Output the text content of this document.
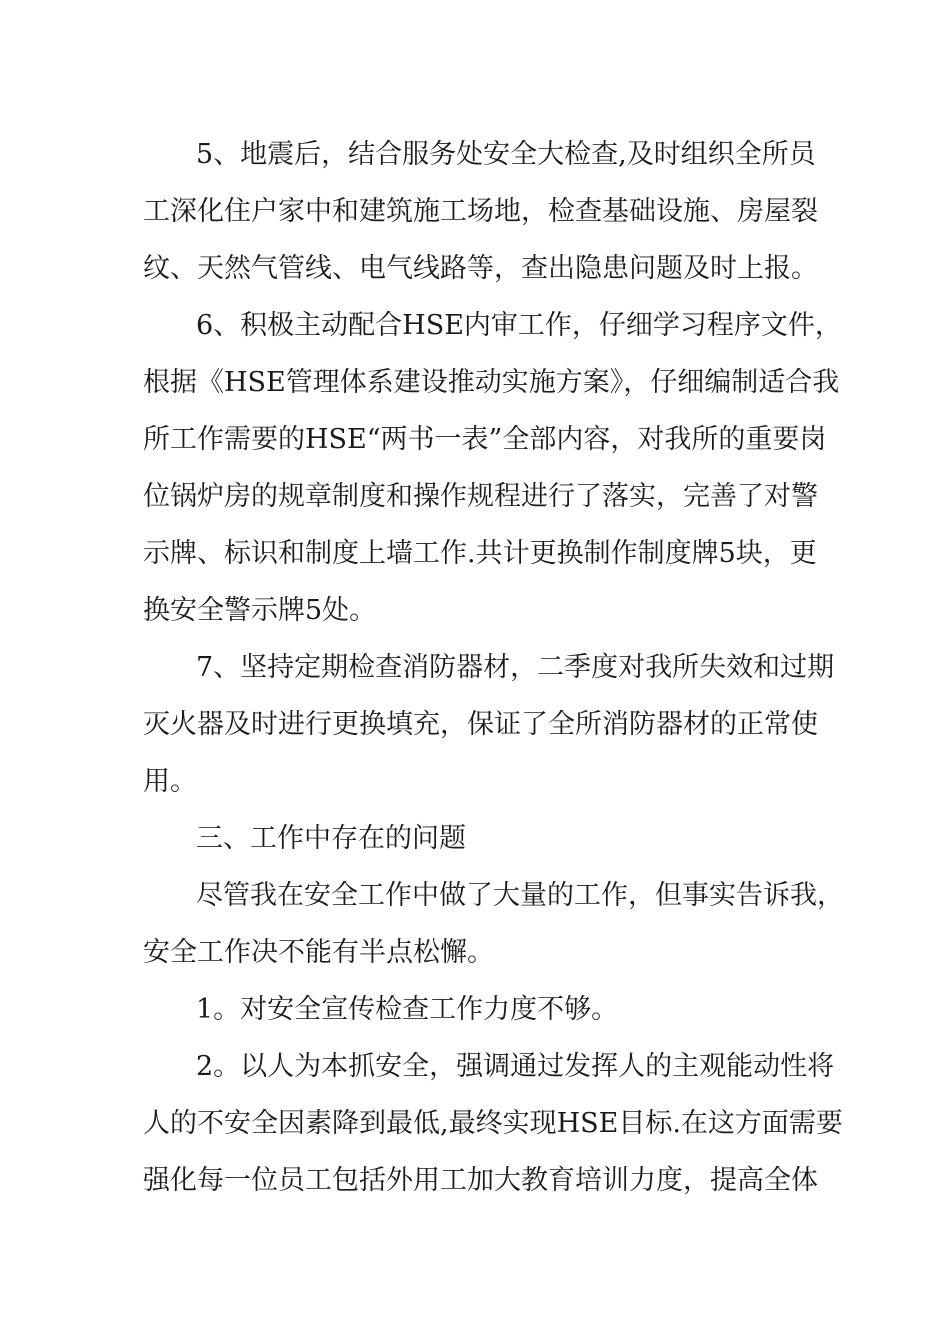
5、地震后，结合服务处安全大检查,及时组织全所员
工深化住户家中和建筑施工场地，检查基础设施、房屋裂
纹、天然气管线、电气线路等，查出隐患问题及时上报。
6、积极主动配合HSE内审工作，仔细学习程序文件，
根据《HSE管理体系建设推动实施方案》，仔细编制适合我
所工作需要的HSE“两书一表”全部内容，对我所的重要岗
位锅炉房的规章制度和操作规程进行了落实，完善了对警
示牌、标识和制度上墙工作.共计更换制作制度牌5块，更
换安全警示牌5处。
7、坚持定期检查消防器材，二季度对我所失效和过期
灭火器及时进行更换填充，保证了全所消防器材的正常使
用。
三、工作中存在的问题
尽管我在安全工作中做了大量的工作，但事实告诉我，
安全工作决不能有半点松懈。
1。对安全宣传检查工作力度不够。
2。以人为本抓安全，强调通过发挥人的主观能动性将
人的不安全因素降到最低,最终实现HSE目标.在这方面需要
强化每一位员工包括外用工加大教育培训力度，提高全体
